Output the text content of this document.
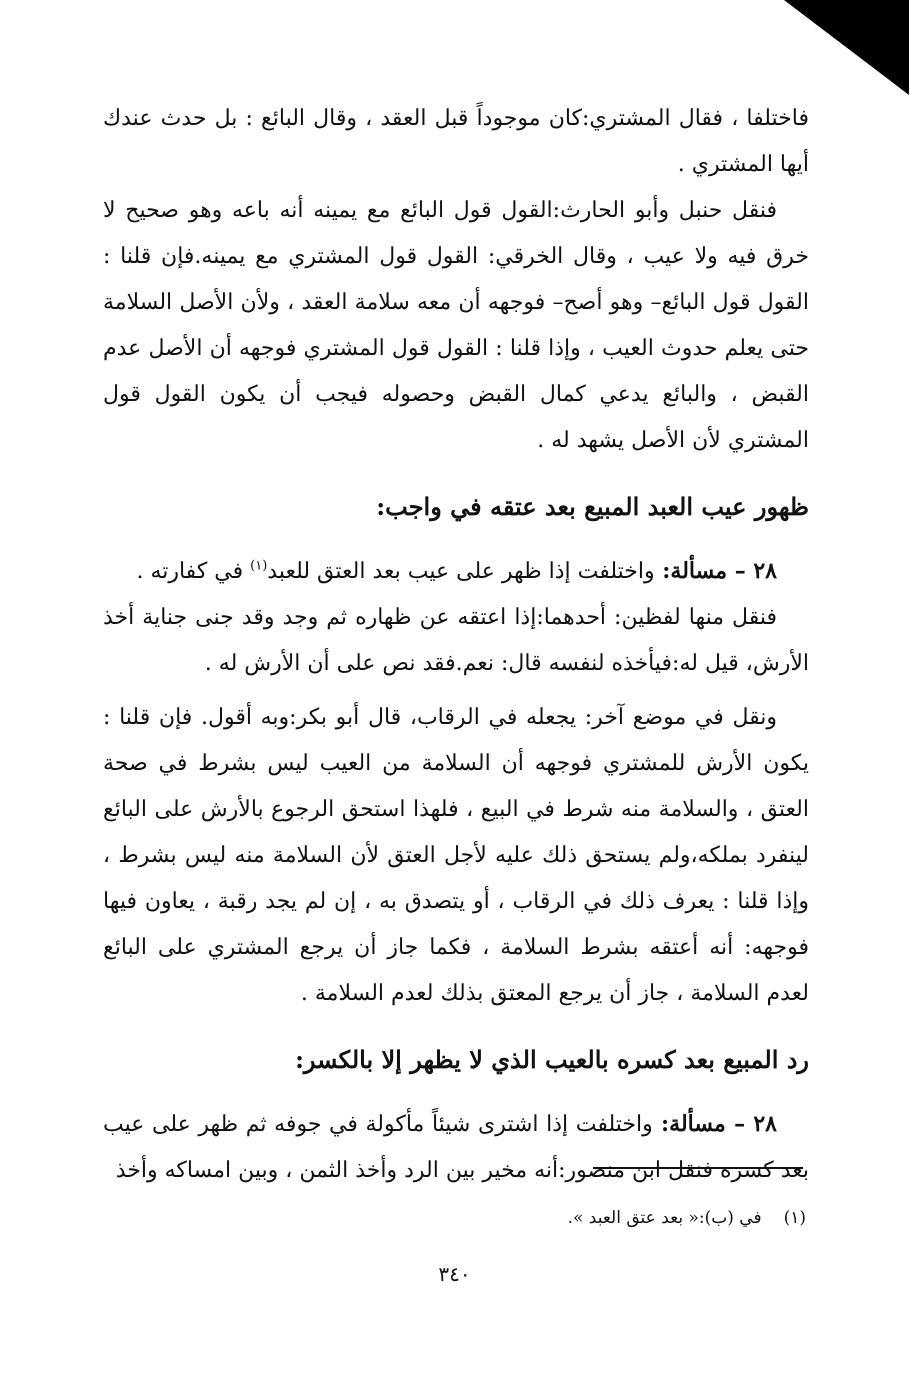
فاختلفا ، فقال المشتري:كان موجوداً قبل العقد ، وقال البائع : بل حدث عندك أيها المشتري .

فنقل حنبل وأبو الحارث:القول قول البائع مع يمينه أنه باعه وهو صحيح لا خرق فيه ولا عيب ، وقال الخرقي: القول قول المشتري مع يمينه.فإن قلنا : القول قول البائع– وهو أصح– فوجهه أن معه سلامة العقد ، ولأن الأصل السلامة حتى يعلم حدوث العيب ، وإذا قلنا : القول قول المشتري فوجهه أن الأصل عدم القبض ، والبائع يدعي كمال القبض وحصوله فيجب أن يكون القول قول المشتري لأن الأصل يشهد له .

ظهور عيب العبد المبيع بعد عتقه في واجب:

٢٨ – مسألة: واختلفت إذا ظهر على عيب بعد العتق للعبد$^{(١)}$ في كفارته .

فنقل منها لفظين: أحدهما:إذا اعتقه عن ظهاره ثم وجد وقد جنى جناية أخذ الأرش، قيل له:فيأخذه لنفسه قال: نعم.فقد نص على أن الأرش له .

ونقل في موضع آخر: يجعله في الرقاب، قال أبو بكر:وبه أقول. فإن قلنا : يكون الأرش للمشتري فوجهه أن السلامة من العيب ليس بشرط في صحة العتق ، والسلامة منه شرط في البيع ، فلهذا استحق الرجوع بالأرش على البائع لينفرد بملكه،ولم يستحق ذلك عليه لأجل العتق لأن السلامة منه ليس بشرط ، وإذا قلنا : يعرف ذلك في الرقاب ، أو يتصدق به ، إن لم يجد رقبة ، يعاون فيها فوجهه: أنه أعتقه بشرط السلامة ، فكما جاز أن يرجع المشتري على البائع لعدم السلامة ، جاز أن يرجع المعتق بذلك لعدم السلامة .

رد المبيع بعد كسره بالعيب الذي لا يظهر إلا بالكسر:

٢٨ – مسألة: واختلفت إذا اشترى شيئاً مأكولة في جوفه ثم ظهر على عيب بعد كسره فنقل ابن منصور:أنه مخير بين الرد وأخذ الثمن ، وبين امساكه وأخذ

(١)في (ب):« بعد عتق العبد ».
٣٤٠
